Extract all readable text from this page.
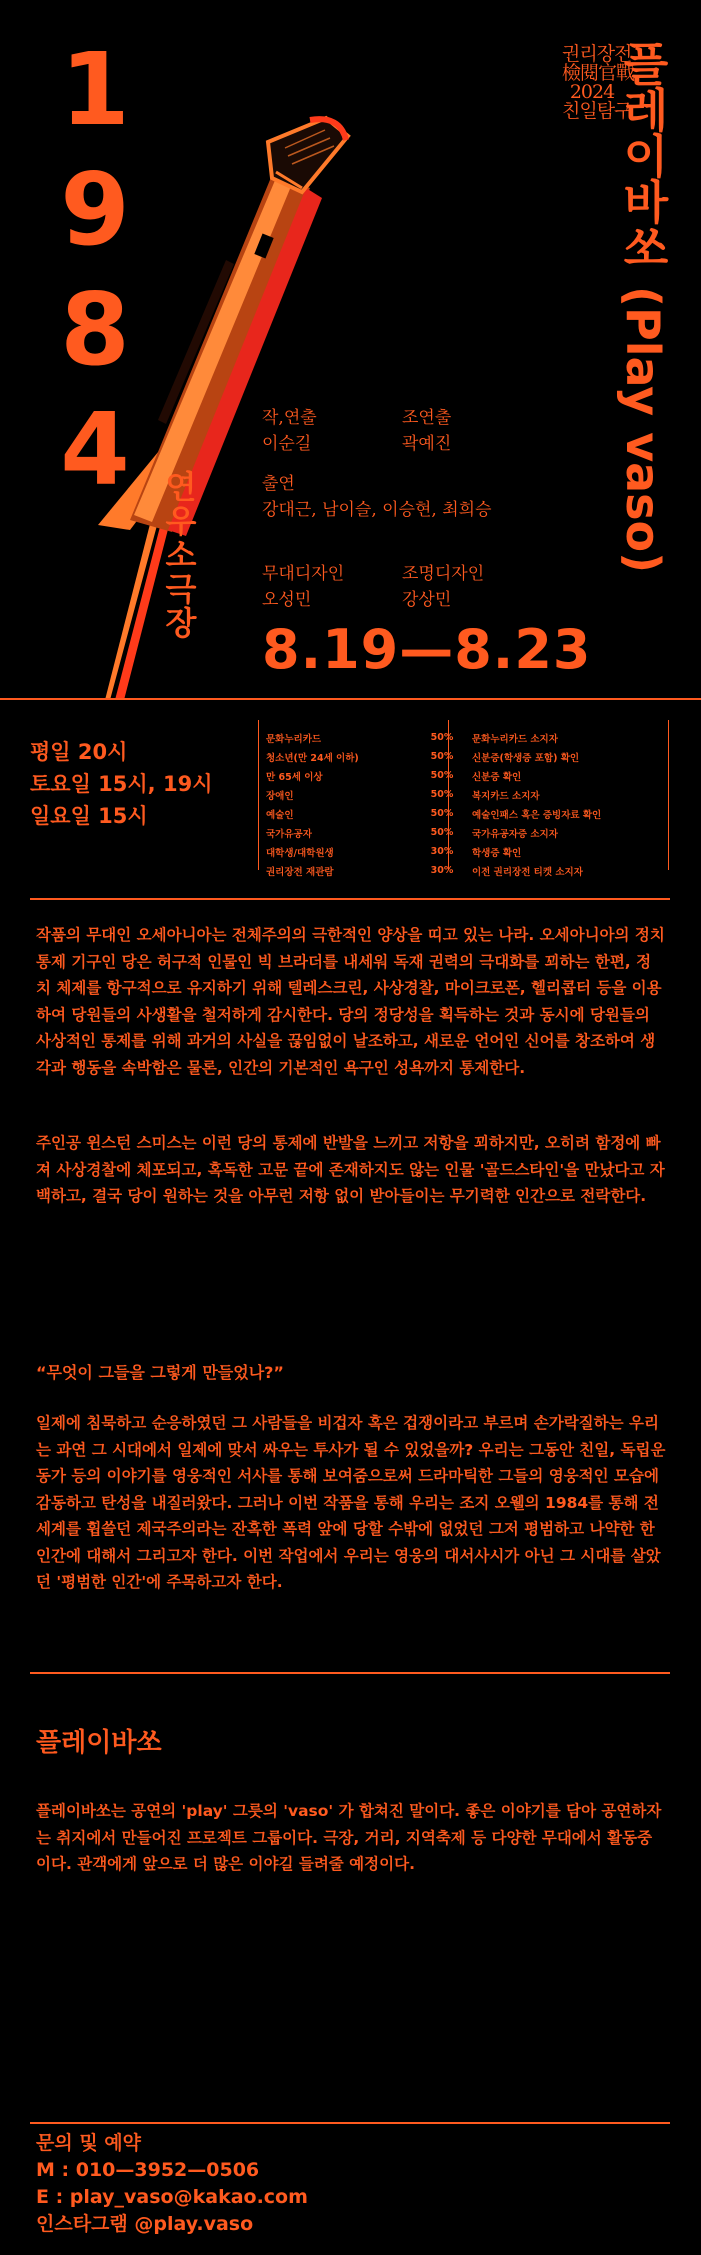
1
9
8
4
연우소극장
권리장전
檢閱官戰
2024
친일탐구
플레이바쏘 (Play vaso)
작,연출
이순길
조연출
곽예진
출연
강대근, 남이슬, 이승현, 최희승
무대디자인
오성민
조명디자인
강상민
8.19—8.23
평일 20시
토요일 15시, 19시
일요일 15시
문화누리카드	50%	문화누리카드 소지자
청소년(만 24세 이하)	50%	신분증(학생증 포함) 확인
만 65세 이상	50%	신분증 확인
장애인	50%	복지카드 소지자
예술인	50%	예술인패스 혹은 증빙자료 확인
국가유공자	50%	국가유공자증 소지자
대학생/대학원생	30%	학생증 확인
권리장전 재관람	30%	이전 권리장전 티켓 소지자

작품의 무대인 오세아니아는 전체주의의 극한적인 양상을 띠고 있는 나라. 오세아니아의 정치 통제 기구인 당은 허구적 인물인 빅 브라더를 내세워 독재 권력의 극대화를 꾀하는 한편, 정치 체제를 항구적으로 유지하기 위해 텔레스크린, 사상경찰, 마이크로폰, 헬리콥터 등을 이용하여 당원들의 사생활을 철저하게 감시한다. 당의 정당성을 획득하는 것과 동시에 당원들의 사상적인 통제를 위해 과거의 사실을 끊임없이 날조하고, 새로운 언어인 신어를 창조하여 생각과 행동을 속박함은 물론, 인간의 기본적인 욕구인 성욕까지 통제한다.

주인공 윈스턴 스미스는 이런 당의 통제에 반발을 느끼고 저항을 꾀하지만, 오히려 함정에 빠져 사상경찰에 체포되고, 혹독한 고문 끝에 존재하지도 않는 인물 '골드스타인'을 만났다고 자백하고, 결국 당이 원하는 것을 아무런 저항 없이 받아들이는 무기력한 인간으로 전락한다.

“무엇이 그들을 그렇게 만들었나?”

일제에 침묵하고 순응하였던 그 사람들을 비겁자 혹은 겁쟁이라고 부르며 손가락질하는 우리는 과연 그 시대에서 일제에 맞서 싸우는 투사가 될 수 있었을까? 우리는 그동안 친일, 독립운동가 등의 이야기를 영웅적인 서사를 통해 보여줌으로써 드라마틱한 그들의 영웅적인 모습에 감동하고 탄성을 내질러왔다. 그러나 이번 작품을 통해 우리는 조지 오웰의 1984를 통해 전 세계를 휩쓸던 제국주의라는 잔혹한 폭력 앞에 당할 수밖에 없었던 그저 평범하고 나약한 한 인간에 대해서 그리고자 한다. 이번 작업에서 우리는 영웅의 대서사시가 아닌 그 시대를 살았던 '평범한 인간'에 주목하고자 한다.

플레이바쏘

플레이바쏘는 공연의 'play' 그릇의 'vaso' 가 합쳐진 말이다. 좋은 이야기를 담아 공연하자는 취지에서 만들어진 프로젝트 그룹이다. 극장, 거리, 지역축제 등 다양한 무대에서 활동중이다. 관객에게 앞으로 더 많은 이야길 들려줄 예정이다.

문의 및 예약
M : 010—3952—0506
E : play_vaso@kakao.com
인스타그램 @play.vaso
